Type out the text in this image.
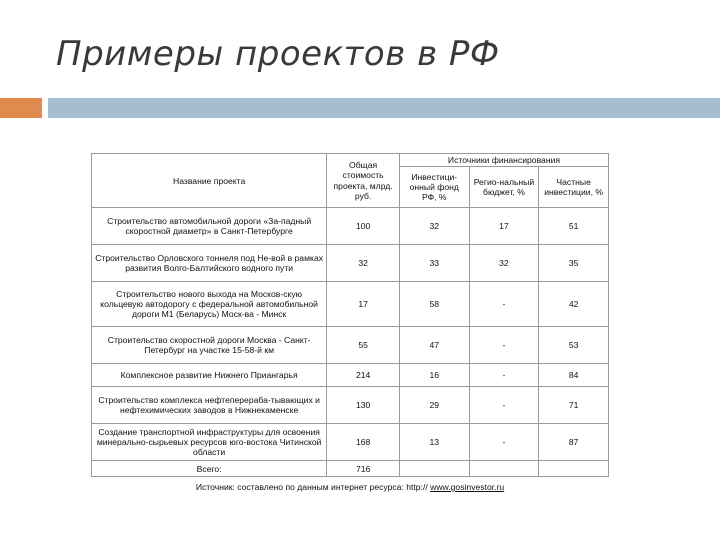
Примеры проектов в РФ
Название проекта	Общая стоимость проекта, млрд. руб.	Источники финансирования		
		Инвестици-онный фонд РФ, %	Регио-нальный бюджет, %	Частные инвестиции, %
Строительство автомобильной дороги «За-падный скоростной диаметр» в Санкт-Петербурге	100	32	17	51
Строительство Орловского тоннеля под Не-вой в рамках развития Волго-Балтийского водного пути	32	33	32	35
Строительство нового выхода на Москов-скую кольцевую автодорогу с федеральной автомобильной дороги М1 (Беларусь) Моск-ва - Минск	17	58	-	42
Строительство скоростной дороги Москва - Санкт-Петербург на участке 15-58-й км	55	47	-	53
Комплексное развитие Нижнего Приангарья	214	16	-	84
Строительство комплекса нефтеперераба-тывающих и нефтехимических заводов в Нижнекаменске	130	29	-	71
Создание транспортной инфраструктуры для освоения минерально-сырьевых ресурсов юго-востока Читинской области	168	13	-	87
Всего:	716			
Источник: составлено по данным интернет ресурса: http:// www.gosinvestor.ru
